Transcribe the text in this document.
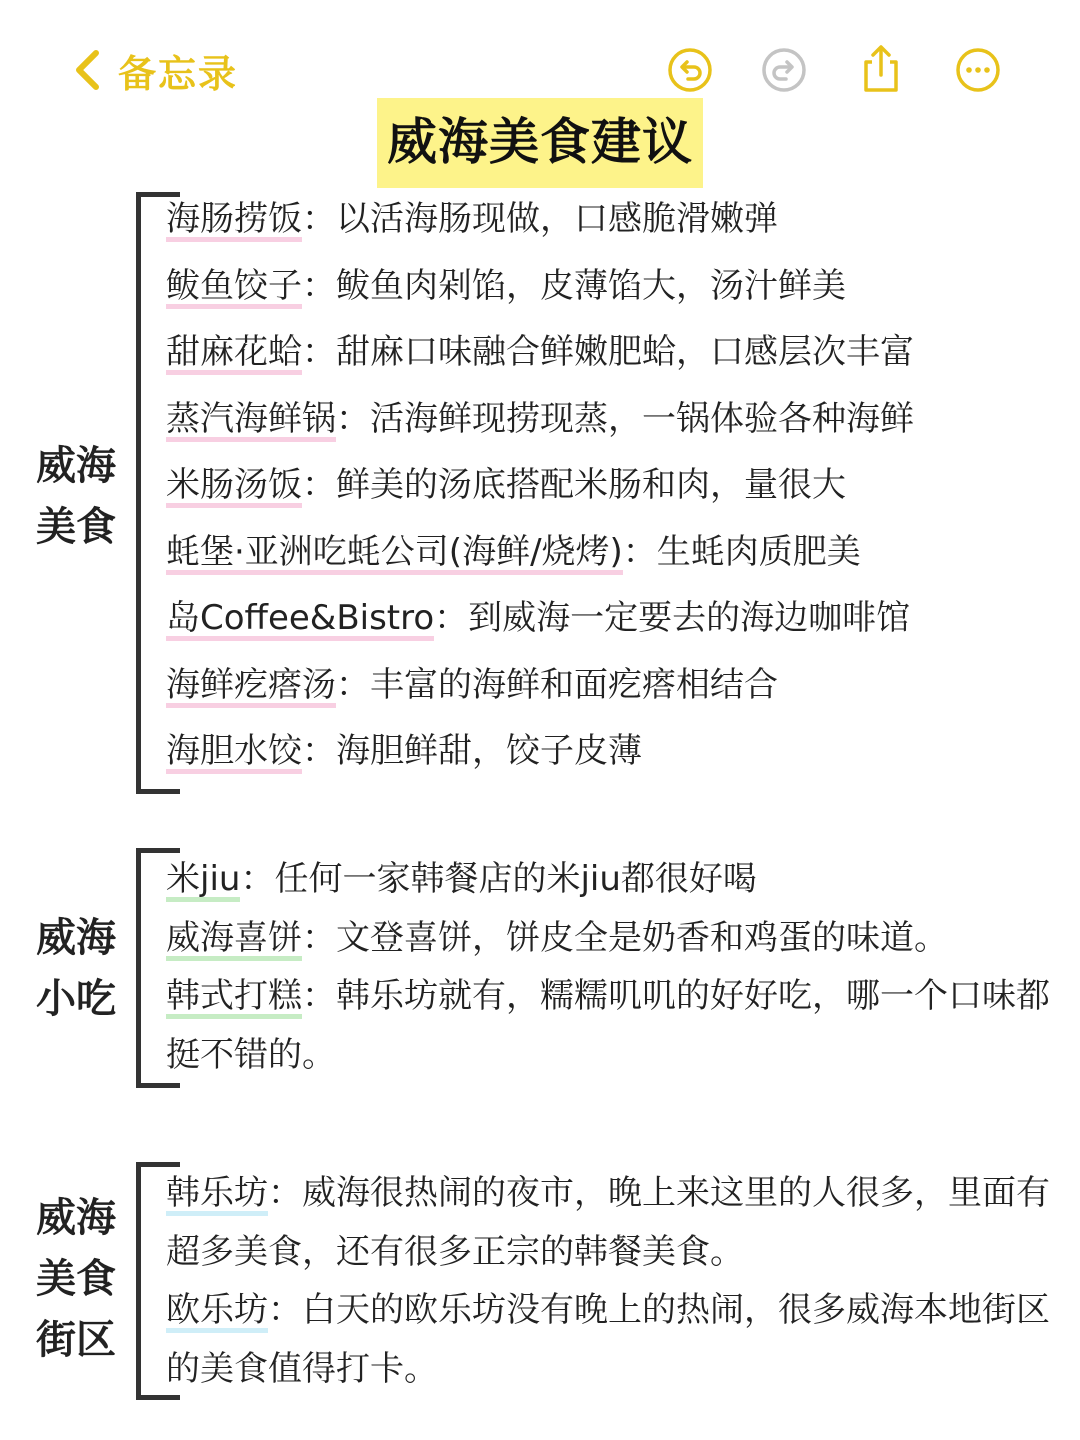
备忘录
威海美食建议
威海
美食
海肠捞饭：以活海肠现做，口感脆滑嫩弹
鲅鱼饺子：鲅鱼肉剁馅，皮薄馅大，汤汁鲜美
甜麻花蛤：甜麻口味融合鲜嫩肥蛤，口感层次丰富
蒸汽海鲜锅：活海鲜现捞现蒸，一锅体验各种海鲜
米肠汤饭：鲜美的汤底搭配米肠和肉，量很大
蚝堡·亚洲吃蚝公司(海鲜/烧烤)：生蚝肉质肥美
岛Coffee&Bistro：到威海一定要去的海边咖啡馆
海鲜疙瘩汤：丰富的海鲜和面疙瘩相结合
海胆水饺：海胆鲜甜，饺子皮薄
威海
小吃
米jiu：任何一家韩餐店的米jiu都很好喝
威海喜饼：文登喜饼，饼皮全是奶香和鸡蛋的味道。
韩式打糕：韩乐坊就有，糯糯叽叽的好好吃，哪一个口味都挺不错的。
威海
美食
街区
韩乐坊：威海很热闹的夜市，晚上来这里的人很多，里面有超多美食，还有很多正宗的韩餐美食。
欧乐坊：白天的欧乐坊没有晚上的热闹，很多威海本地街区的美食值得打卡。
